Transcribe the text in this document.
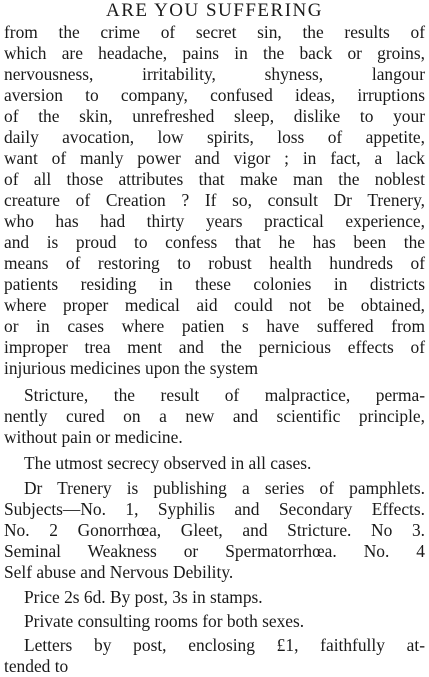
ARE YOU SUFFERING
from the crime of secret sin, the results of
which are headache, pains in the back or groins,
nervousness, irritability, shyness, langour
aversion to company, confused ideas, irruptions
of the skin, unrefreshed sleep, dislike to your
daily avocation, low spirits, loss of appetite,
want of manly power and vigor ; in fact, a lack
of all those attributes that make man the noblest
creature of Creation ? If so, consult Dr Trenery,
who has had thirty years practical experience,
and is proud to confess that he has been the
means of restoring to robust health hundreds of
patients residing in these colonies in districts
where proper medical aid could not be obtained,
or in cases where patien s have suffered from
improper trea ment and the pernicious effects of
injurious medicines upon the system
Stricture, the result of malpractice, perma-
nently cured on a new and scientific principle,
without pain or medicine.
The utmost secrecy observed in all cases.
Dr Trenery is publishing a series of pamphlets.
Subjects—No. 1, Syphilis and Secondary Effects.
No. 2 Gonorrhœa, Gleet, and Stricture. No 3.
Seminal Weakness or Spermatorrhœa. No. 4
Self abuse and Nervous Debility.
Price 2s 6d. By post, 3s in stamps.
Private consulting rooms for both sexes.
Letters by post, enclosing £1, faithfully at-
tended to
